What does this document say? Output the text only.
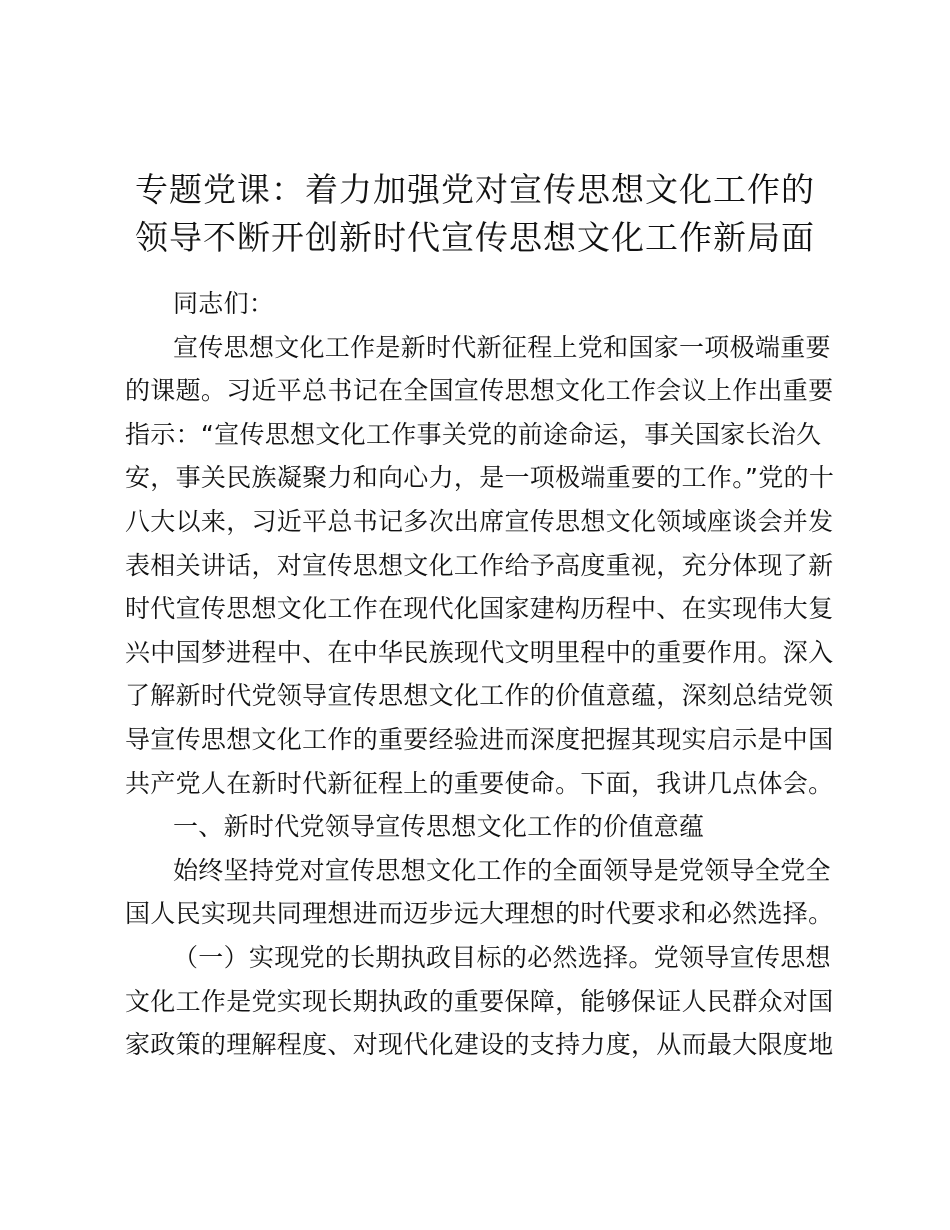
专题党课：着力加强党对宣传思想文化工作的
领导不断开创新时代宣传思想文化工作新局面
同志们：
宣传思想文化工作是新时代新征程上党和国家一项极端重要
的课题。习近平总书记在全国宣传思想文化工作会议上作出重要
指示：“宣传思想文化工作事关党的前途命运，事关国家长治久
安，事关民族凝聚力和向心力，是一项极端重要的工作。”党的十
八大以来，习近平总书记多次出席宣传思想文化领域座谈会并发
表相关讲话，对宣传思想文化工作给予高度重视，充分体现了新
时代宣传思想文化工作在现代化国家建构历程中、在实现伟大复
兴中国梦进程中、在中华民族现代文明里程中的重要作用。深入
了解新时代党领导宣传思想文化工作的价值意蕴，深刻总结党领
导宣传思想文化工作的重要经验进而深度把握其现实启示是中国
共产党人在新时代新征程上的重要使命。下面，我讲几点体会。
一、新时代党领导宣传思想文化工作的价值意蕴
始终坚持党对宣传思想文化工作的全面领导是党领导全党全
国人民实现共同理想进而迈步远大理想的时代要求和必然选择。
（一）实现党的长期执政目标的必然选择。党领导宣传思想
文化工作是党实现长期执政的重要保障，能够保证人民群众对国
家政策的理解程度、对现代化建设的支持力度，从而最大限度地
